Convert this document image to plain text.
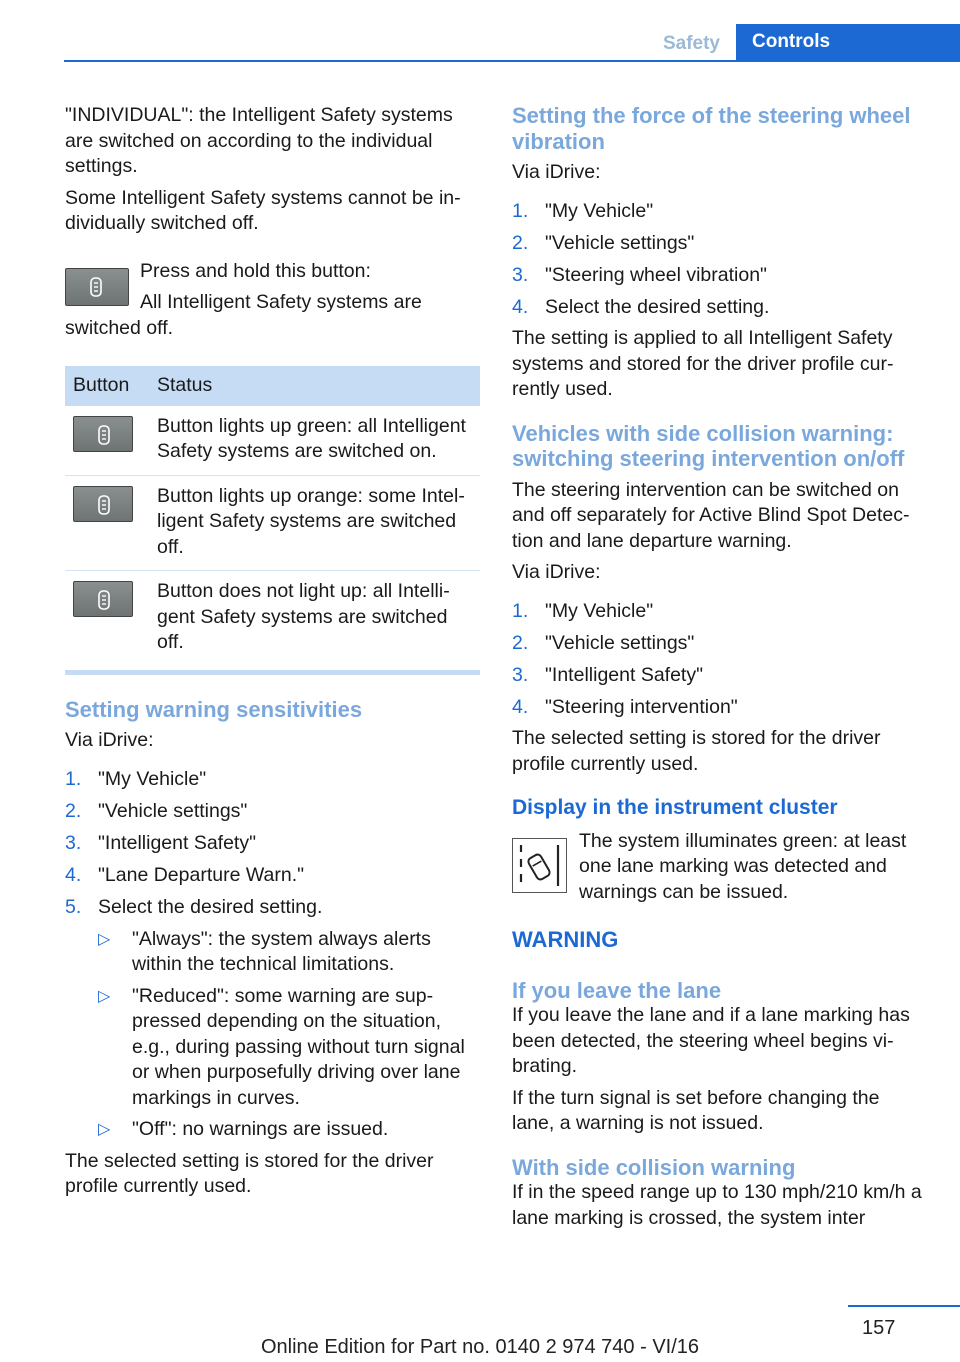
Safety	Controls

"INDIVIDUAL": the Intelligent Safety systems are switched on according to the individual settings.

Some Intelligent Safety systems cannot be individually switched off.

Press and hold this button:
All Intelligent Safety systems are switched off.
Button	Status

	Button lights up green: all Intelligent Safety systems are switched on.

	Button lights up orange: some Intelligent Safety systems are switched off.

	Button does not light up: all Intelligent Safety systems are switched off.
Setting warning sensitivities

Via iDrive:

1. "My Vehicle"
2. "Vehicle settings"
3. "Intelligent Safety"
4. "Lane Departure Warn."
5. Select the desired setting.
▷ "Always": the system always alerts within the technical limitations.
▷ "Reduced": some warning are suppressed depending on the situation, e.g., during passing without turn signal or when purposefully driving over lane markings in curves.
▷ "Off": no warnings are issued.

The selected setting is stored for the driver profile currently used.

Setting the force of the steering wheel vibration

Via iDrive:

1. "My Vehicle"
2. "Vehicle settings"
3. "Steering wheel vibration"
4. Select the desired setting.

The setting is applied to all Intelligent Safety systems and stored for the driver profile currently used.

Vehicles with side collision warning: switching steering intervention on/off

The steering intervention can be switched on and off separately for Active Blind Spot Detection and lane departure warning.

Via iDrive:

1. "My Vehicle"
2. "Vehicle settings"
3. "Intelligent Safety"
4. "Steering intervention"

The selected setting is stored for the driver profile currently used.

Display in the instrument cluster
The system illuminates green: at least one lane marking was detected and warnings can be issued.
WARNING
If you leave the lane

If you leave the lane and if a lane marking has been detected, the steering wheel begins vibrating.

If the turn signal is set before changing the lane, a warning is not issued.

With side collision warning

If in the speed range up to 130 mph/210 km/h a lane marking is crossed, the system inter

157
Online Edition for Part no. 0140 2 974 740 - VI/16
